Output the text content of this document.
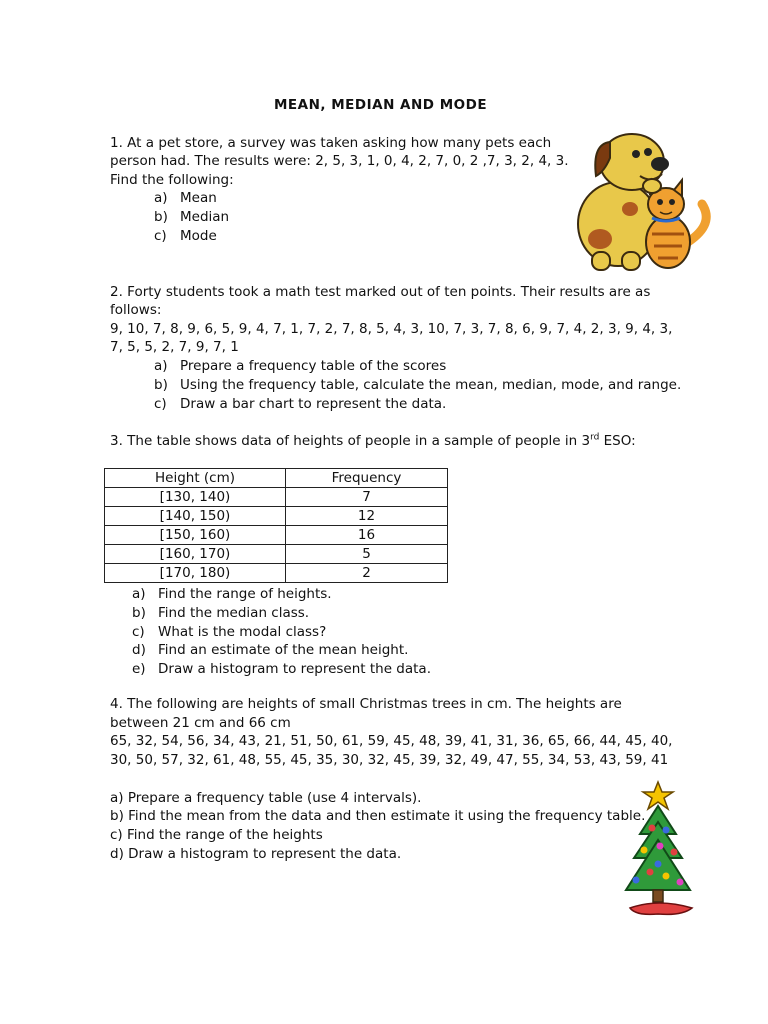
MEAN, MEDIAN AND MODE
1. At a pet store, a survey was taken asking how many pets each
person had. The results were: 2, 5, 3, 1, 0, 4, 2, 7, 0, 2 ,7, 3, 2, 4, 3.
Find the following:
a) Mean
b) Median
c) Mode
2. Forty students took a math test marked out of ten points. Their results are as
follows:
9, 10, 7, 8, 9, 6, 5, 9, 4, 7, 1, 7, 2, 7, 8, 5, 4, 3, 10, 7, 3, 7, 8, 6, 9, 7, 4, 2, 3, 9, 4, 3,
7, 5, 5, 2, 7, 9, 7, 1
a) Prepare a frequency table of the scores
b) Using the frequency table, calculate the mean, median, mode, and range.
c) Draw a bar chart to represent the data.
3. The table shows data of heights of people in a sample of people in 3rd ESO:
Height (cm)	Frequency
[130, 140)	7
[140, 150)	12
[150, 160)	16
[160, 170)	5
[170, 180)	2
a) Find the range of heights.
b) Find the median class.
c) What is the modal class?
d) Find an estimate of the mean height.
e) Draw a histogram to represent the data.
4. The following are heights of small Christmas trees in cm. The heights are
between 21 cm and 66 cm
65, 32, 54, 56, 34, 43, 21, 51, 50, 61, 59, 45, 48, 39, 41, 31, 36, 65, 66, 44, 45, 40,
30, 50, 57, 32, 61, 48, 55, 45, 35, 30, 32, 45, 39, 32, 49, 47, 55, 34, 53, 43, 59, 41
a) Prepare a frequency table (use 4 intervals).
b) Find the mean from the data and then estimate it using the frequency table.
c) Find the range of the heights
d) Draw a histogram to represent the data.
